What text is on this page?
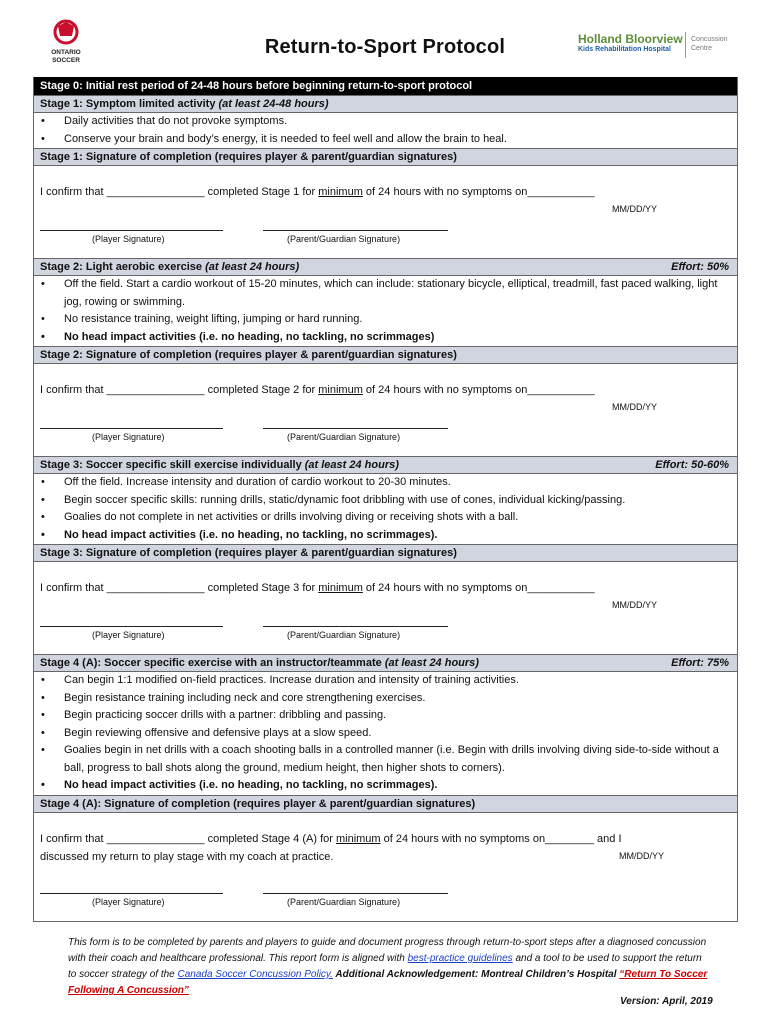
ONTARIO
SOCCER
Return-to-Sport Protocol	Holland Bloorview
Kids Rehabilitation Hospital
Concussion Centre
Stage 0: Initial rest period of 24-48 hours before beginning return-to-sport protocol
Stage 1: Symptom limited activity (at least 24-48 hours)
• Daily activities that do not provoke symptoms.
• Conserve your brain and body’s energy, it is needed to feel well and allow the brain to heal.
Stage 1: Signature of completion (requires player & parent/guardian signatures)
I confirm that ________________ completed Stage 1 for minimum of 24 hours with no symptoms on___________
MM/DD/YY
(Player Signature)	(Parent/Guardian Signature)
Stage 2: Light aerobic exercise (at least 24 hours)	Effort: 50%
• Off the field. Start a cardio workout of 15-20 minutes, which can include: stationary bicycle, elliptical, treadmill, fast paced walking, light jog, rowing or swimming.
• No resistance training, weight lifting, jumping or hard running.
• No head impact activities (i.e. no heading, no tackling, no scrimmages)
Stage 2: Signature of completion (requires player & parent/guardian signatures)
I confirm that ________________ completed Stage 2 for minimum of 24 hours with no symptoms on___________
MM/DD/YY
(Player Signature)	(Parent/Guardian Signature)
Stage 3: Soccer specific skill exercise individually (at least 24 hours)	Effort: 50-60%
• Off the field. Increase intensity and duration of cardio workout to 20-30 minutes.
• Begin soccer specific skills: running drills, static/dynamic foot dribbling with use of cones, individual kicking/passing.
• Goalies do not complete in net activities or drills involving diving or receiving shots with a ball.
• No head impact activities (i.e. no heading, no tackling, no scrimmages).
Stage 3: Signature of completion (requires player & parent/guardian signatures)
I confirm that ________________ completed Stage 3 for minimum of 24 hours with no symptoms on___________
MM/DD/YY
(Player Signature)	(Parent/Guardian Signature)
Stage 4 (A): Soccer specific exercise with an instructor/teammate (at least 24 hours)	Effort: 75%
• Can begin 1:1 modified on-field practices. Increase duration and intensity of training activities.
• Begin resistance training including neck and core strengthening exercises.
• Begin practicing soccer drills with a partner: dribbling and passing.
• Begin reviewing offensive and defensive plays at a slow speed.
• Goalies begin in net drills with a coach shooting balls in a controlled manner (i.e. Begin with drills involving diving side-to-side without a ball, progress to ball shots along the ground, medium height, then higher shots to corners).
• No head impact activities (i.e. no heading, no tackling, no scrimmages).
Stage 4 (A): Signature of completion (requires player & parent/guardian signatures)
I confirm that ________________ completed Stage 4 (A) for minimum of 24 hours with no symptoms on________ and I
discussed my return to play stage with my coach at practice.	MM/DD/YY
(Player Signature)	(Parent/Guardian Signature)
This form is to be completed by parents and players to guide and document progress through return-to-sport steps after a diagnosed concussion with their coach and healthcare professional. This report form is aligned with best-practice guidelines and a tool to be used to support the return to soccer strategy of the Canada Soccer Concussion Policy. Additional Acknowledgement: Montreal Children’s Hospital “Return To Soccer Following A Concussion”
Version: April, 2019
